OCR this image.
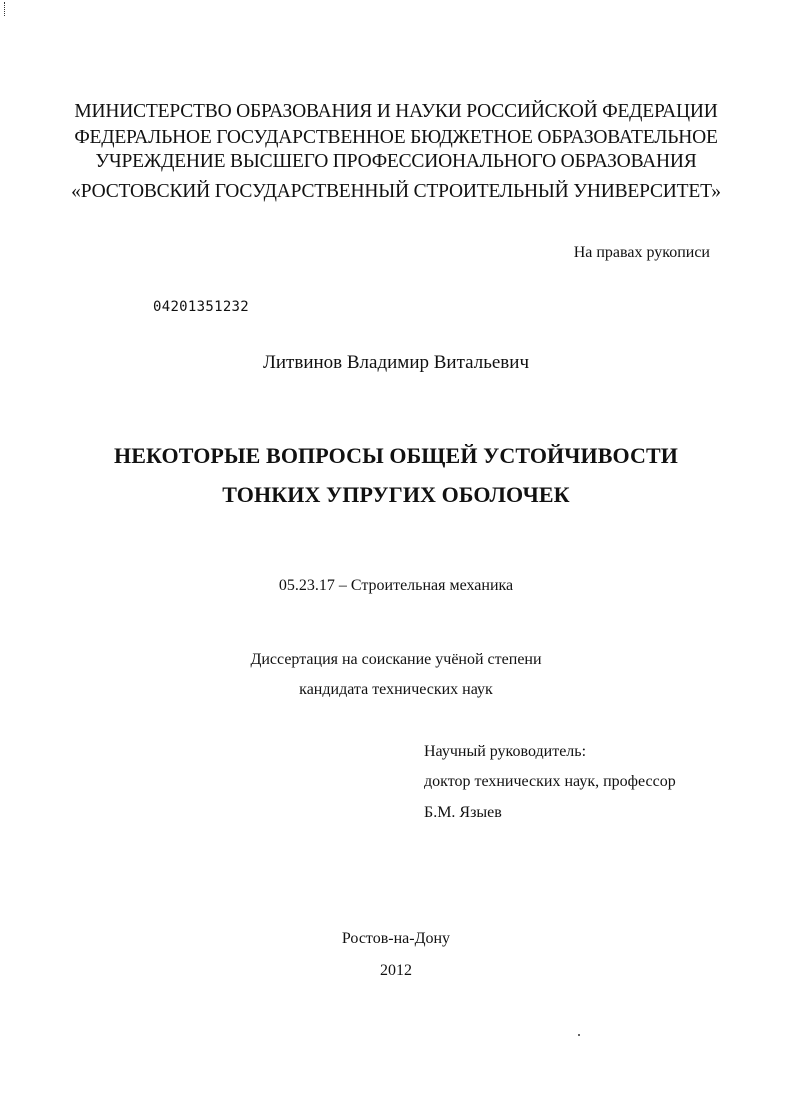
МИНИСТЕРСТВО ОБРАЗОВАНИЯ И НАУКИ РОССИЙСКОЙ ФЕДЕРАЦИИ
ФЕДЕРАЛЬНОЕ ГОСУДАРСТВЕННОЕ БЮДЖЕТНОЕ ОБРАЗОВАТЕЛЬНОЕ
УЧРЕЖДЕНИЕ ВЫСШЕГО ПРОФЕССИОНАЛЬНОГО ОБРАЗОВАНИЯ
«РОСТОВСКИЙ ГОСУДАРСТВЕННЫЙ СТРОИТЕЛЬНЫЙ УНИВЕРСИТЕТ»
На правах рукописи
04201351232
Литвинов Владимир Витальевич
НЕКОТОРЫЕ ВОПРОСЫ ОБЩЕЙ УСТОЙЧИВОСТИ
ТОНКИХ УПРУГИХ ОБОЛОЧЕК
05.23.17 – Строительная механика
Диссертация на соискание учёной степени
кандидата технических наук
Научный руководитель:
доктор технических наук, профессор
Б.М. Языев
Ростов-на-Дону
2012
